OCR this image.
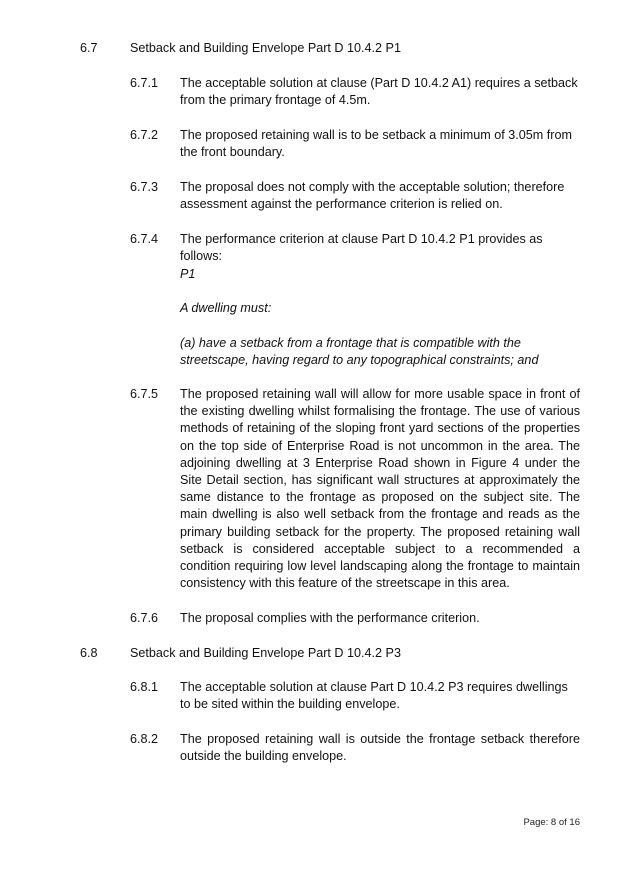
6.7	Setback and Building Envelope Part D 10.4.2 P1
6.7.1 The acceptable solution at clause (Part D 10.4.2 A1) requires a setback from the primary frontage of 4.5m.
6.7.2 The proposed retaining wall is to be setback a minimum of 3.05m from the front boundary.
6.7.3 The proposal does not comply with the acceptable solution; therefore assessment against the performance criterion is relied on.
6.7.4 The performance criterion at clause Part D 10.4.2 P1 provides as follows:
P1
A dwelling must:
(a) have a setback from a frontage that is compatible with the streetscape, having regard to any topographical constraints; and
6.7.5 The proposed retaining wall will allow for more usable space in front of the existing dwelling whilst formalising the frontage. The use of various methods of retaining of the sloping front yard sections of the properties on the top side of Enterprise Road is not uncommon in the area. The adjoining dwelling at 3 Enterprise Road shown in Figure 4 under the Site Detail section, has significant wall structures at approximately the same distance to the frontage as proposed on the subject site. The main dwelling is also well setback from the frontage and reads as the primary building setback for the property. The proposed retaining wall setback is considered acceptable subject to a recommended a condition requiring low level landscaping along the frontage to maintain consistency with this feature of the streetscape in this area.
6.7.6 The proposal complies with the performance criterion.
6.8	Setback and Building Envelope Part D 10.4.2 P3
6.8.1 The acceptable solution at clause Part D 10.4.2 P3 requires dwellings to be sited within the building envelope.
6.8.2 The proposed retaining wall is outside the frontage setback therefore outside the building envelope.
Page: 8 of 16
